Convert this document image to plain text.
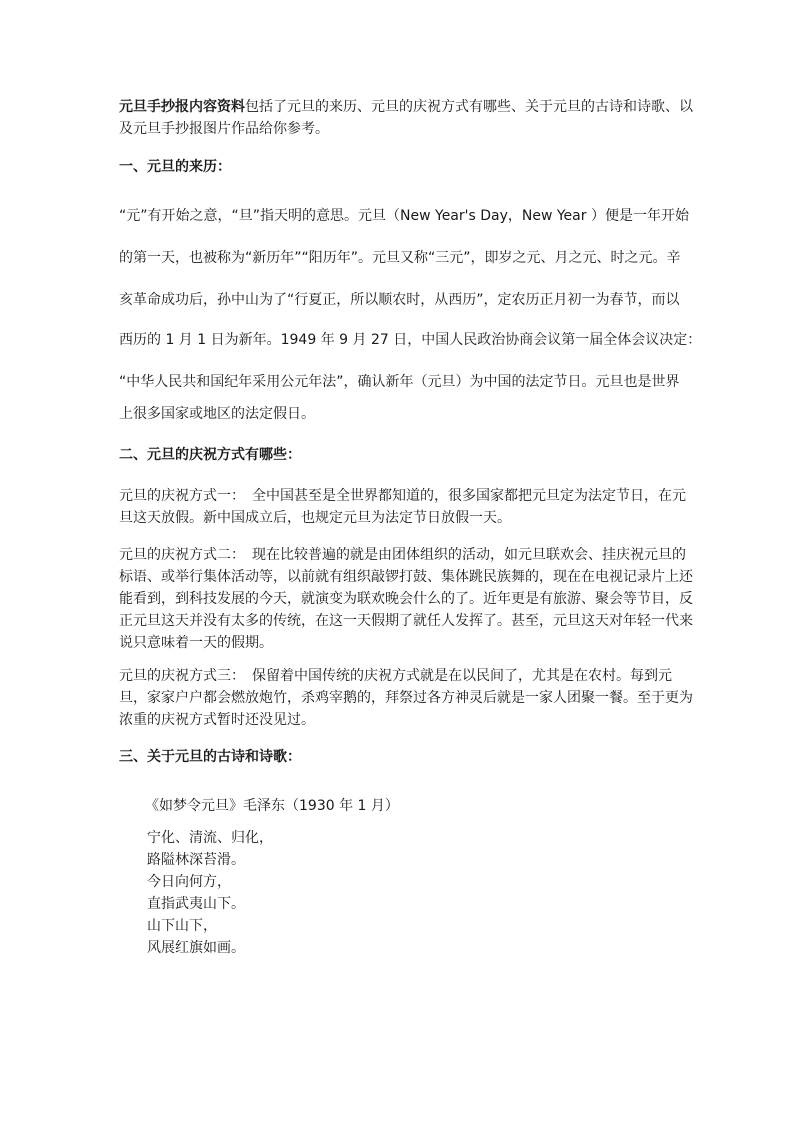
元旦手抄报内容资料包括了元旦的来历、元旦的庆祝方式有哪些、关于元旦的古诗和诗歌、以及元旦手抄报图片作品给你参考。

一、元旦的来历：

“元”有开始之意，“旦”指天明的意思。元旦（New Year's Day，New Year ）便是一年开始

的第一天，也被称为“新历年”“阳历年”。元旦又称“三元”，即岁之元、月之元、时之元。辛

亥革命成功后，孙中山为了“行夏正，所以顺农时，从西历”，定农历正月初一为春节，而以

西历的 1 月 1 日为新年。1949 年 9 月 27 日，中国人民政治协商会议第一届全体会议决定：

“中华人民共和国纪年采用公元年法”，确认新年（元旦）为中国的法定节日。元旦也是世界

上很多国家或地区的法定假日。

二、元旦的庆祝方式有哪些：

元旦的庆祝方式一：　全中国甚至是全世界都知道的，很多国家都把元旦定为法定节日，在元旦这天放假。新中国成立后，也规定元旦为法定节日放假一天。

元旦的庆祝方式二：　现在比较普遍的就是由团体组织的活动，如元旦联欢会、挂庆祝元旦的标语、或举行集体活动等，以前就有组织敲锣打鼓、集体跳民族舞的，现在在电视记录片上还能看到，到科技发展的今天，就演变为联欢晚会什么的了。近年更是有旅游、聚会等节目，反正元旦这天并没有太多的传统，在这一天假期了就任人发挥了。甚至，元旦这天对年轻一代来说只意味着一天的假期。

元旦的庆祝方式三：　保留着中国传统的庆祝方式就是在以民间了，尤其是在农村。每到元旦，家家户户都会燃放炮竹，杀鸡宰鹅的，拜祭过各方神灵后就是一家人团聚一餐。至于更为浓重的庆祝方式暂时还没见过。

三、关于元旦的古诗和诗歌：

《如梦令元旦》毛泽东（1930 年 1 月）

宁化、清流、归化，

路隘林深苔滑。

今日向何方，

直指武夷山下。

山下山下，

风展红旗如画。
